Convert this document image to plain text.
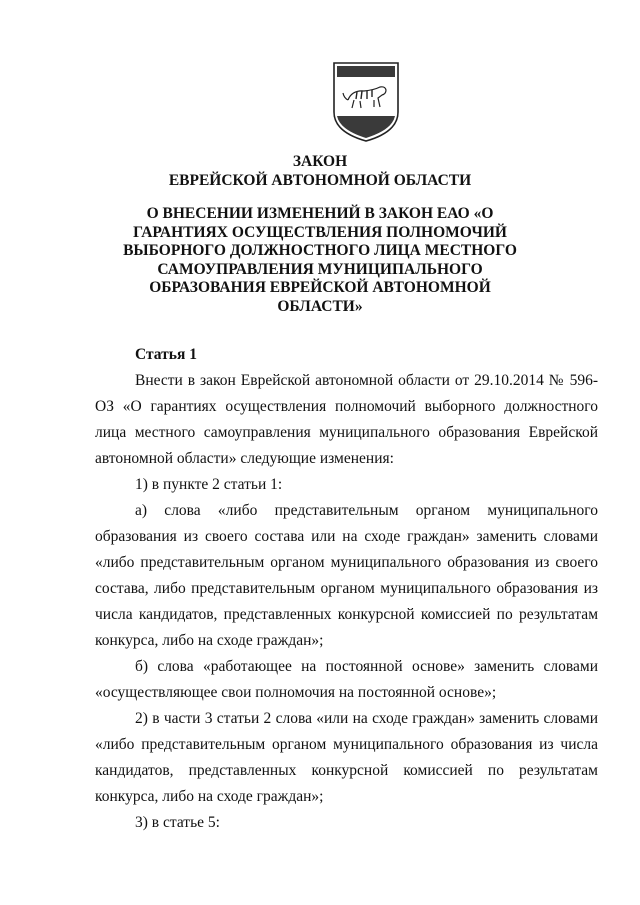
ЗАКОН

ЕВРЕЙСКОЙ АВТОНОМНОЙ ОБЛАСТИ

О ВНЕСЕНИИ ИЗМЕНЕНИЙ В ЗАКОН ЕАО «О ГАРАНТИЯХ ОСУЩЕСТВЛЕНИЯ ПОЛНОМОЧИЙ ВЫБОРНОГО ДОЛЖНОСТНОГО ЛИЦА МЕСТНОГО САМОУПРАВЛЕНИЯ МУНИЦИПАЛЬНОГО ОБРАЗОВАНИЯ ЕВРЕЙСКОЙ АВТОНОМНОЙ ОБЛАСТИ»

Статья 1

Внести в закон Еврейской автономной области от 29.10.2014 № 596-ОЗ «О гарантиях осуществления полномочий выборного должностного лица местного самоуправления муниципального образования Еврейской автономной области» следующие изменения:

1) в пункте 2 статьи 1:

а) слова «либо представительным органом муниципального образования из своего состава или на сходе граждан» заменить словами «либо представительным органом муниципального образования из своего состава, либо представительным органом муниципального образования из числа кандидатов, представленных конкурсной комиссией по результатам конкурса, либо на сходе граждан»;

б) слова «работающее на постоянной основе» заменить словами «осуществляющее свои полномочия на постоянной основе»;

2) в части 3 статьи 2 слова «или на сходе граждан» заменить словами «либо представительным органом муниципального образования из числа кандидатов, представленных конкурсной комиссией по результатам конкурса, либо на сходе граждан»;

3) в статье 5:
